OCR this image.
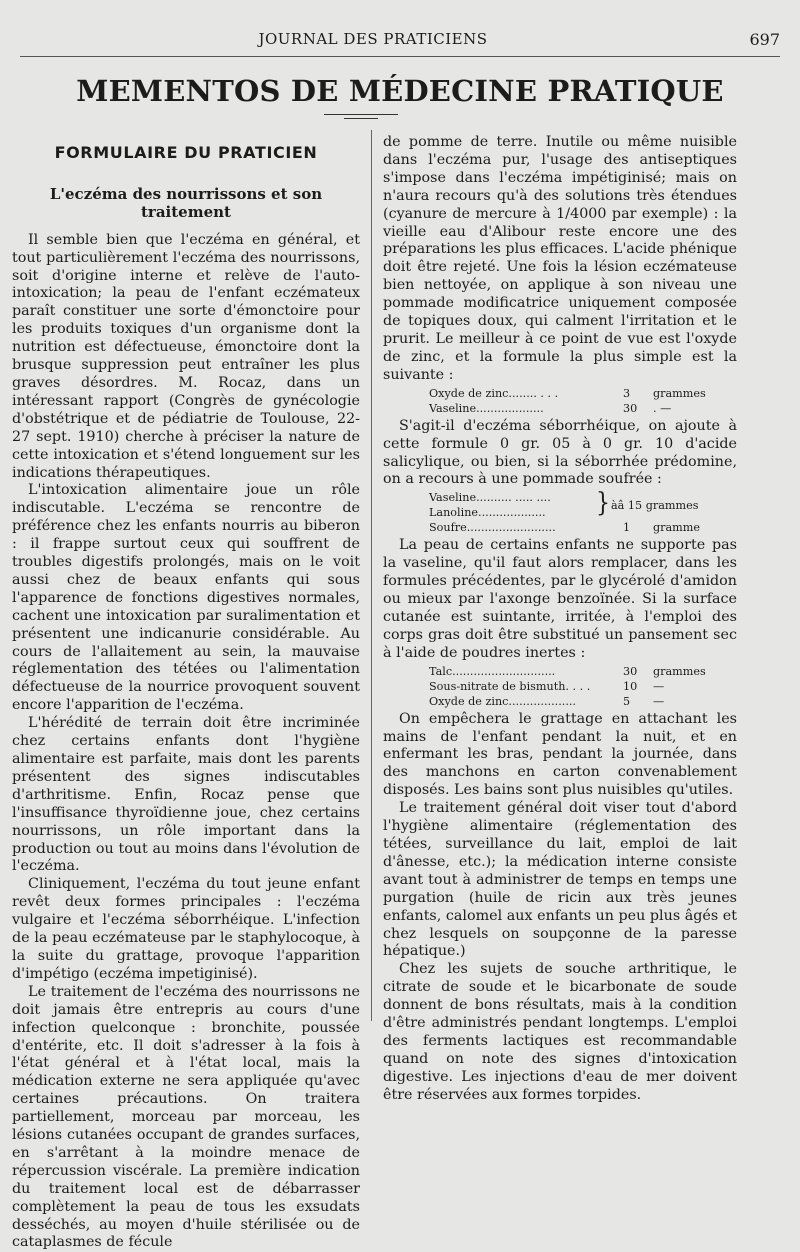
JOURNAL DES PRATICIENS	697
MEMENTOS DE MÉDECINE PRATIQUE
FORMULAIRE DU PRATICIEN
L'eczéma des nourrissons et son traitement

Il semble bien que l'eczéma en général, et tout particulièrement l'eczéma des nourrissons, soit d'origine interne et relève de l'auto-intoxication; la peau de l'enfant eczémateux paraît constituer une sorte d'émonctoire pour les produits toxiques d'un organisme dont la nutrition est défectueuse, émonctoire dont la brusque suppression peut entraîner les plus graves désordres. M. Rocaz, dans un intéressant rapport (Congrès de gynécologie d'obstétrique et de pédiatrie de Toulouse, 22-27 sept. 1910) cherche à préciser la nature de cette intoxication et s'étend longuement sur les indications thérapeutiques.

L'intoxication alimentaire joue un rôle indiscutable. L'eczéma se rencontre de préférence chez les enfants nourris au biberon : il frappe surtout ceux qui souffrent de troubles digestifs prolongés, mais on le voit aussi chez de beaux enfants qui sous l'apparence de fonctions digestives normales, cachent une intoxication par suralimentation et présentent une indicanurie considérable. Au cours de l'allaitement au sein, la mauvaise réglementation des tétées ou l'alimentation défectueuse de la nourrice provoquent souvent encore l'apparition de l'eczéma.

L'hérédité de terrain doit être incriminée chez certains enfants dont l'hygiène alimentaire est parfaite, mais dont les parents présentent des signes indiscutables d'arthritisme. Enfin, Rocaz pense que l'insuffisance thyroïdienne joue, chez certains nourrissons, un rôle important dans la production ou tout au moins dans l'évolution de l'eczéma.

Cliniquement, l'eczéma du tout jeune enfant revêt deux formes principales : l'eczéma vulgaire et l'eczéma séborrhéique. L'infection de la peau eczémateuse par le staphylocoque, à la suite du grattage, provoque l'apparition d'impétigo (eczéma impetiginisé).

Le traitement de l'eczéma des nourrissons ne doit jamais être entrepris au cours d'une infection quelconque : bronchite, poussée d'entérite, etc. Il doit s'adresser à la fois à l'état général et à l'état local, mais la médication externe ne sera appliquée qu'avec certaines précautions. On traitera partiellement, morceau par morceau, les lésions cutanées occupant de grandes surfaces, en s'arrêtant à la moindre menace de répercussion viscérale. La première indication du traitement local est de débarrasser complètement la peau de tous les exsudats desséchés, au moyen d'huile stérilisée ou de cataplasmes de fécule

de pomme de terre. Inutile ou même nuisible dans l'eczéma pur, l'usage des antiseptiques s'impose dans l'eczéma impétiginisé; mais on n'aura recours qu'à des solutions très étendues (cyanure de mercure à 1/4000 par exemple) : la vieille eau d'Alibour reste encore une des préparations les plus efficaces. L'acide phénique doit être rejeté. Une fois la lésion eczémateuse bien nettoyée, on applique à son niveau une pommade modificatrice uniquement composée de topiques doux, qui calment l'irritation et le prurit. Le meilleur à ce point de vue est l'oxyde de zinc, et la formule la plus simple est la suivante :

Oxyde de zinc........ . . .	3 grammes
Vaseline...................	30 . —

S'agit-il d'eczéma séborrhéique, on ajoute à cette formule 0 gr. 05 à 0 gr. 10 d'acide salicylique, ou bien, si la séborrhée prédomine, on a recours à une pommade soufrée :

Vaseline.......... ..... ....
Lanoline................... } àâ 15 grammes
Soufre.........................	1 gramme

La peau de certains enfants ne supporte pas la vaseline, qu'il faut alors remplacer, dans les formules précédentes, par le glycérolé d'amidon ou mieux par l'axonge benzoïnée. Si la surface cutanée est suintante, irritée, à l'emploi des corps gras doit être substitué un pansement sec à l'aide de poudres inertes :

Talc.............................	30 grammes
Sous-nitrate de bismuth. . . .	10 —
Oxyde de zinc...................	5 —

On empêchera le grattage en attachant les mains de l'enfant pendant la nuit, et en enfermant les bras, pendant la journée, dans des manchons en carton convenablement disposés. Les bains sont plus nuisibles qu'utiles.

Le traitement général doit viser tout d'abord l'hygiène alimentaire (réglementation des tétées, surveillance du lait, emploi de lait d'ânesse, etc.); la médication interne consiste avant tout à administrer de temps en temps une purgation (huile de ricin aux très jeunes enfants, calomel aux enfants un peu plus âgés et chez lesquels on soupçonne de la paresse hépatique.)

Chez les sujets de souche arthritique, le citrate de soude et le bicarbonate de soude donnent de bons résultats, mais à la condition d'être administrés pendant longtemps. L'emploi des ferments lactiques est recommandable quand on note des signes d'intoxication digestive. Les injections d'eau de mer doivent être réservées aux formes torpides.
